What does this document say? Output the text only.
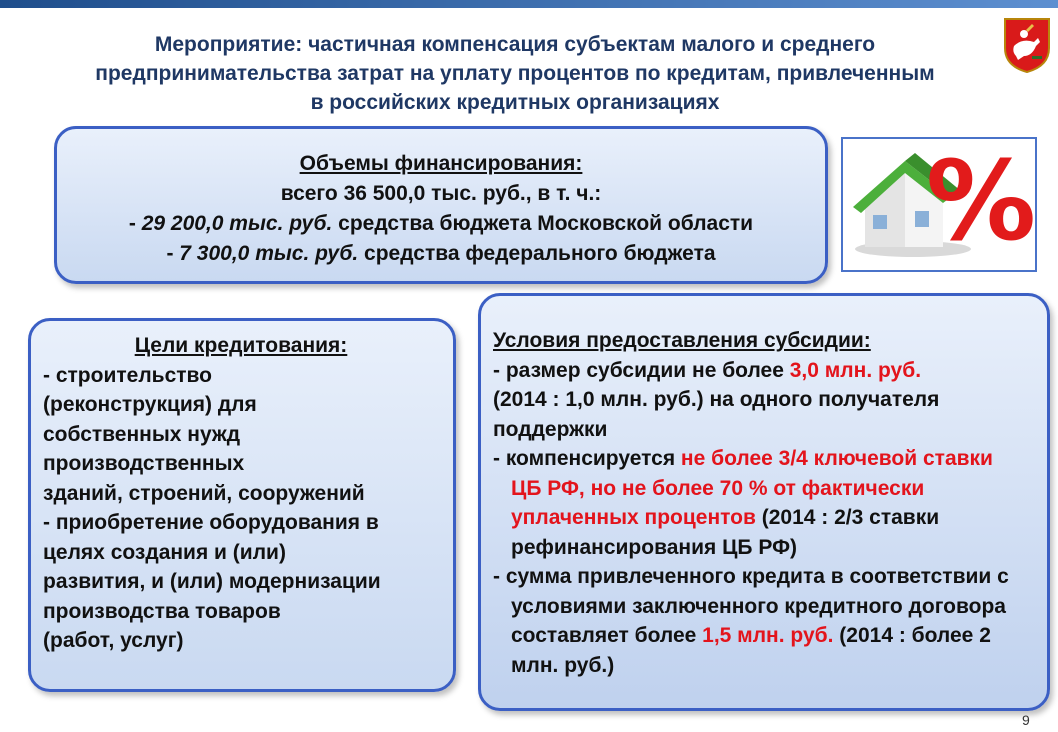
Мероприятие: частичная компенсация субъектам малого и среднего
предпринимательства затрат на уплату процентов по кредитам, привлеченным
в российских кредитных организациях
Объемы финансирования:
всего 36 500,0 тыс. руб., в т. ч.:
- 29 200,0 тыс. руб. средства бюджета Московской области
- 7 300,0 тыс. руб. средства федерального бюджета	%
Цели кредитования:
- строительство
(реконструкция) для
собственных нужд
производственных
зданий, строений, сооружений
- приобретение оборудования в
целях создания и (или)
развития, и (или) модернизации
производства товаров
(работ, услуг)
Условия предоставления субсидии:
- размер субсидии не более 3,0 млн. руб.
(2014 : 1,0 млн. руб.) на одного получателя поддержки
- компенсируется не более 3/4 ключевой ставки ЦБ РФ, но не более 70 % от фактически уплаченных процентов (2014 : 2/3 ставки рефинансирования ЦБ РФ)
- сумма привлеченного кредита в соответствии с условиями заключенного кредитного договора составляет более 1,5 млн. руб. (2014 : более 2 млн. руб.)
9
